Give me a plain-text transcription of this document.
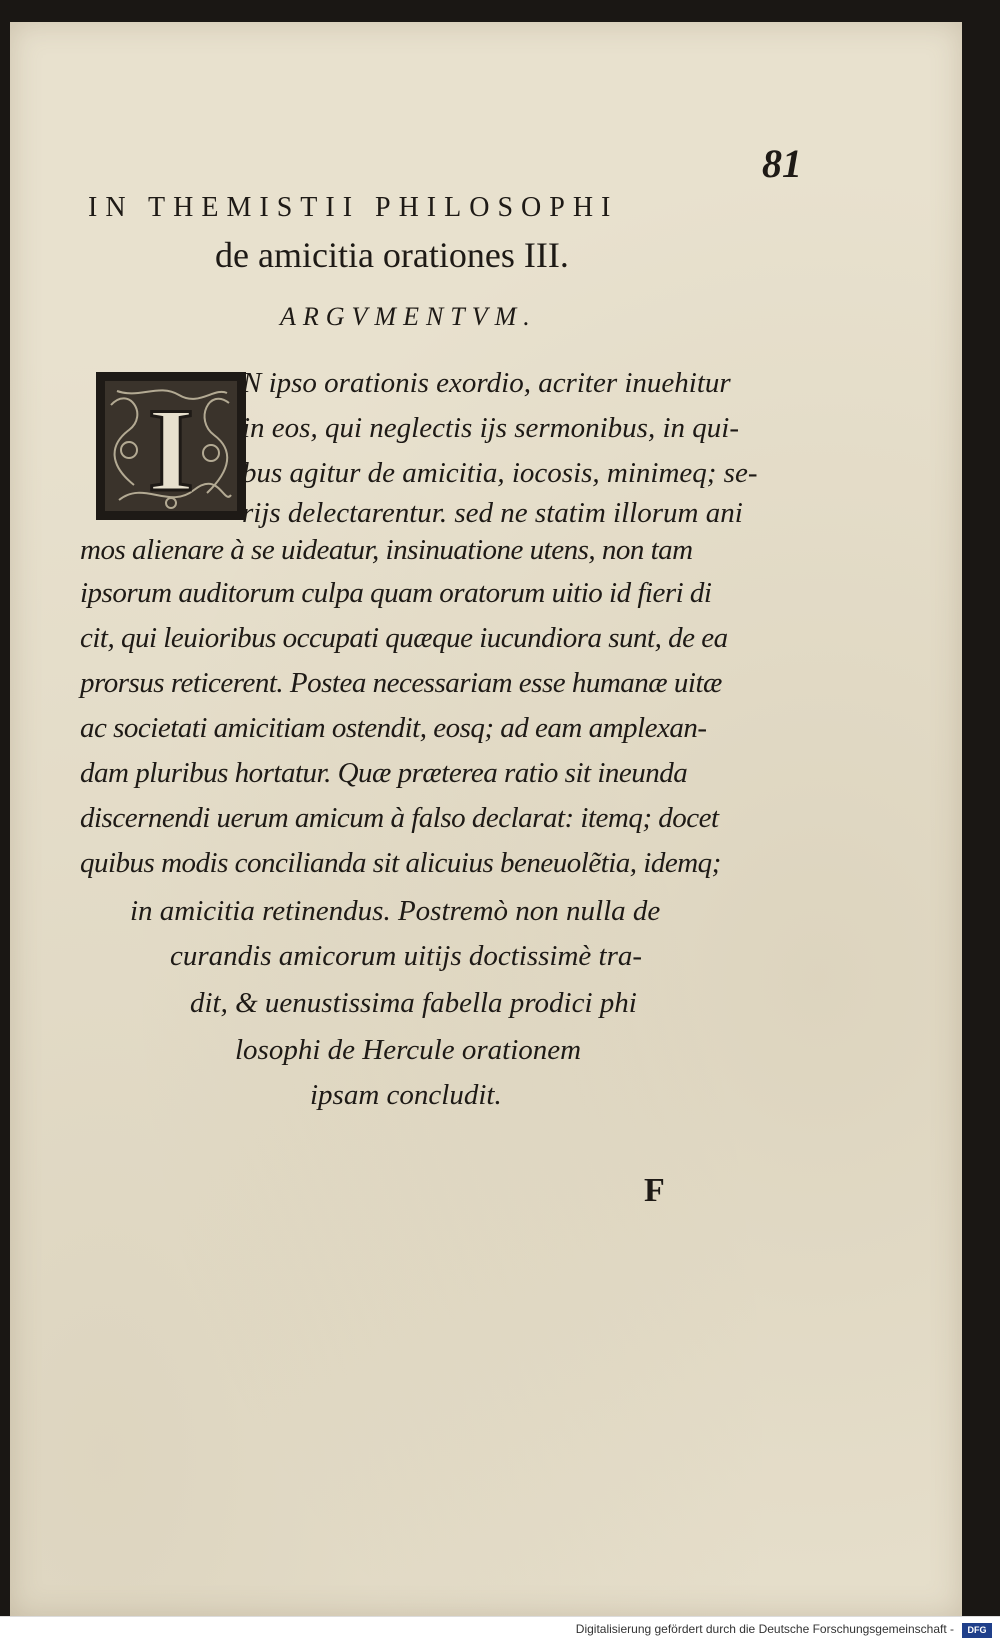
81

IN THEMISTII PHILOSOPHI
de amicitia orationes III.

ARGVMENTVM.

I N ipso orationis exordio, acriter inuehitur

in eos, qui neglectis ijs sermonibus, in qui-

bus agitur de amicitia, iocosis, minimeq; se-

rijs delectarentur. sed ne statim illorum ani

mos alienare à se uideatur, insinuatione utens, non tam

ipsorum auditorum culpa quam oratorum uitio id fieri di

cit, qui leuioribus occupati quæque iucundiora sunt, de ea

prorsus reticerent. Postea necessariam esse humanæ uitæ

ac societati amicitiam ostendit, eosq; ad eam amplexan-

dam pluribus hortatur. Quæ præterea ratio sit ineunda

discernendi uerum amicum à falso declarat: itemq; docet

quibus modis concilianda sit alicuius beneuolẽtia, idemq;

in amicitia retinendus. Postremò non nulla de

curandis amicorum uitijs doctissimè tra-

dit, & uenustissima fabella prodici phi

losophi de Hercule orationem

ipsam concludit.

F

Digitalisierung gefördert durch die Deutsche Forschungsgemeinschaft -	DFG
